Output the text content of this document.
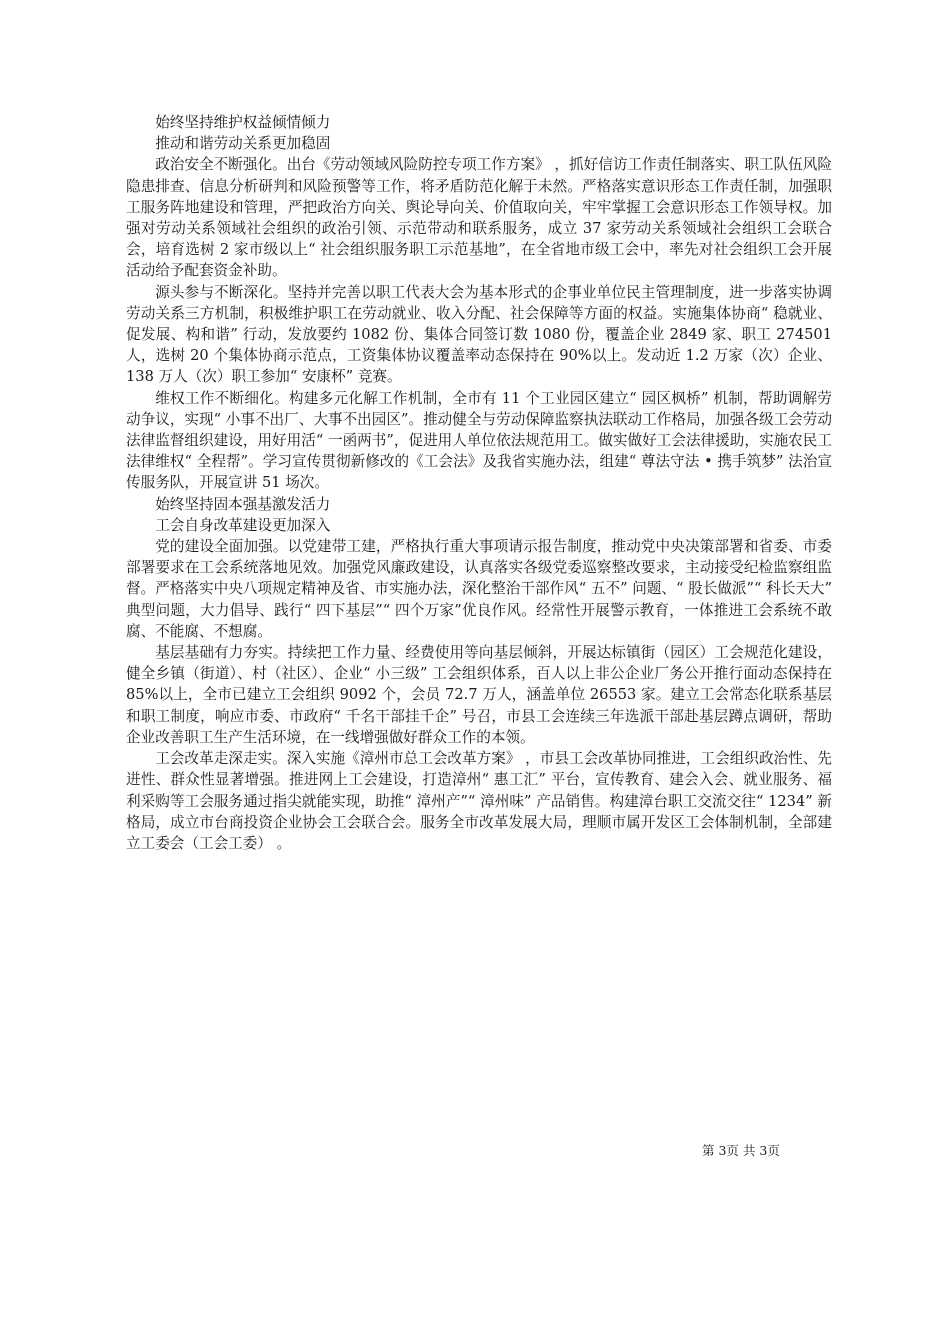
始终坚持维护权益倾情倾力

推动和谐劳动关系更加稳固

政治安全不断强化。出台《劳动领域风险防控专项工作方案》 ，抓好信访工作责任制落实、职工队伍风险隐患排查、信息分析研判和风险预警等工作，将矛盾防范化解于未然。严格落实意识形态工作责任制，加强职工服务阵地建设和管理，严把政治方向关、舆论导向关、价值取向关，牢牢掌握工会意识形态工作领导权。加强对劳动关系领域社会组织的政治引领、示范带动和联系服务，成立 37 家劳动关系领域社会组织工会联合会，培育选树 2 家市级以上“ 社会组织服务职工示范基地”，在全省地市级工会中，率先对社会组织工会开展活动给予配套资金补助。

源头参与不断深化。坚持并完善以职工代表大会为基本形式的企事业单位民主管理制度，进一步落实协调劳动关系三方机制，积极维护职工在劳动就业、收入分配、社会保障等方面的权益。实施集体协商“ 稳就业、促发展、构和谐” 行动，发放要约 1082 份、集体合同签订数 1080 份，覆盖企业 2849 家、职工 274501 人，选树 20 个集体协商示范点，工资集体协议覆盖率动态保持在 90%以上。发动近 1.2 万家（次）企业、138 万人（次）职工参加“ 安康杯” 竞赛。

维权工作不断细化。构建多元化解工作机制，全市有 11 个工业园区建立“ 园区枫桥” 机制，帮助调解劳动争议，实现“ 小事不出厂、大事不出园区”。推动健全与劳动保障监察执法联动工作格局，加强各级工会劳动法律监督组织建设，用好用活“ 一函两书”，促进用人单位依法规范用工。做实做好工会法律援助，实施农民工法律维权“ 全程帮”。学习宣传贯彻新修改的《工会法》及我省实施办法，组建“ 尊法守法 • 携手筑梦” 法治宣传服务队，开展宣讲 51 场次。

始终坚持固本强基激发活力

工会自身改革建设更加深入

党的建设全面加强。以党建带工建，严格执行重大事项请示报告制度，推动党中央决策部署和省委、市委部署要求在工会系统落地见效。加强党风廉政建设，认真落实各级党委巡察整改要求，主动接受纪检监察组监督。严格落实中央八项规定精神及省、市实施办法，深化整治干部作风“ 五不” 问题、“ 股长做派”“ 科长天大” 典型问题，大力倡导、践行“ 四下基层”“ 四个万家”优良作风。经常性开展警示教育，一体推进工会系统不敢腐、不能腐、不想腐。

基层基础有力夯实。持续把工作力量、经费使用等向基层倾斜，开展达标镇街（园区）工会规范化建设，健全乡镇（街道）、村（社区）、企业“ 小三级” 工会组织体系，百人以上非公企业厂务公开推行面动态保持在 85%以上，全市已建立工会组织 9092 个，会员 72.7 万人，涵盖单位 26553 家。建立工会常态化联系基层和职工制度，响应市委、市政府“ 千名干部挂千企” 号召，市县工会连续三年选派干部赴基层蹲点调研，帮助企业改善职工生产生活环境，在一线增强做好群众工作的本领。

工会改革走深走实。深入实施《漳州市总工会改革方案》 ，市县工会改革协同推进，工会组织政治性、先进性、群众性显著增强。推进网上工会建设，打造漳州“ 惠工汇” 平台，宣传教育、建会入会、就业服务、福利采购等工会服务通过指尖就能实现，助推“ 漳州产”“ 漳州味” 产品销售。构建漳台职工交流交往“ 1234” 新格局，成立市台商投资企业协会工会联合会。服务全市改革发展大局，理顺市属开发区工会体制机制，全部建立工委会（工会工委） 。

第 3页 共 3页
